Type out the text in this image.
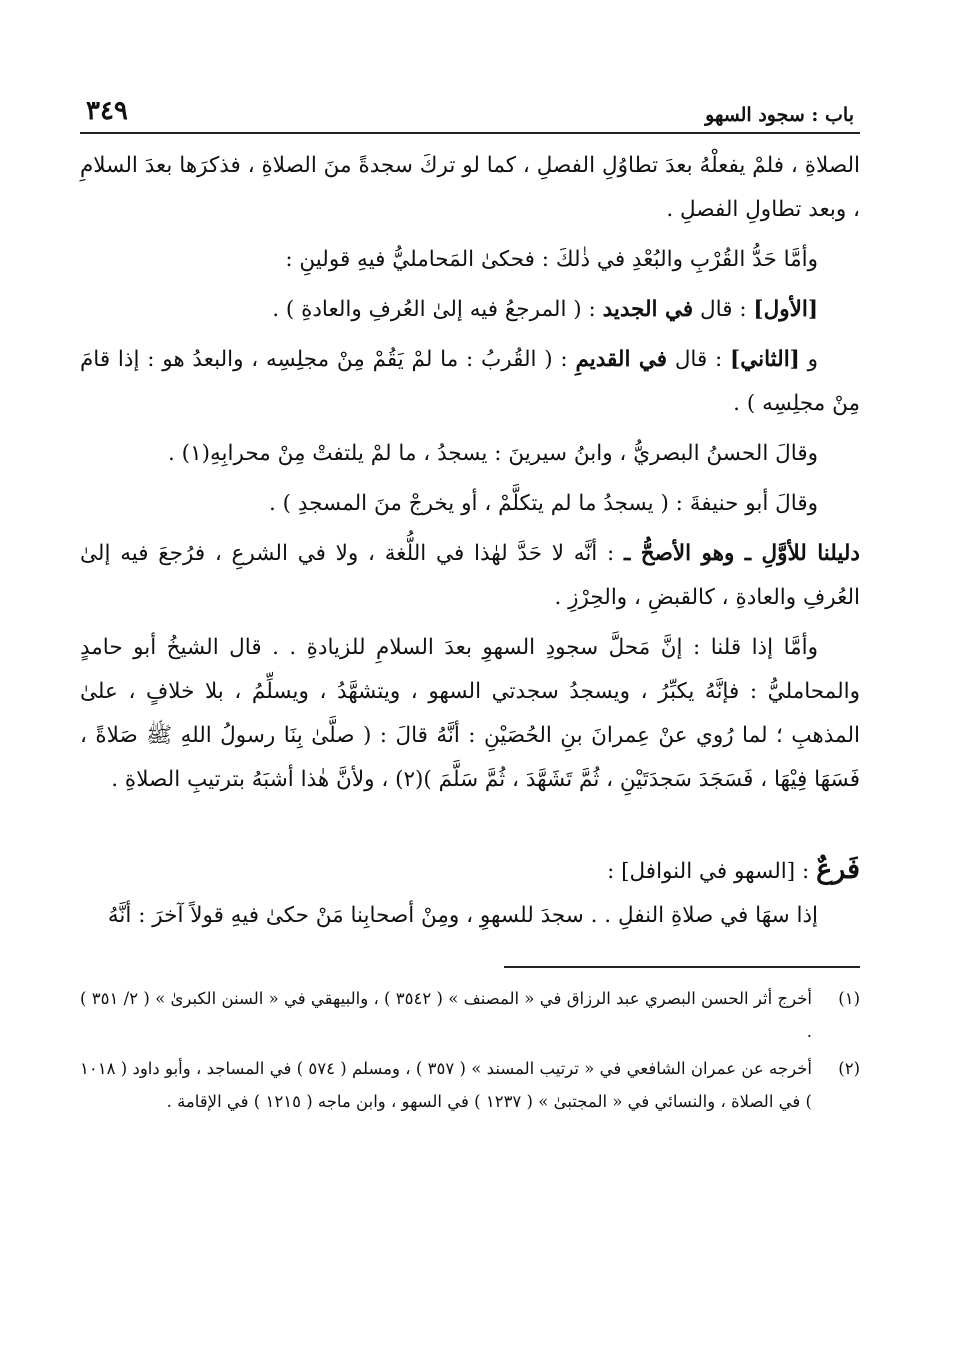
باب : سجود السهو
٣٤٩

الصلاةِ ، فلمْ يفعلْهُ بعدَ تطاوُلِ الفصلِ ، كما لو تركَ سجدةً منَ الصلاةِ ، فذكرَها بعدَ السلامِ ، وبعد تطاولِ الفصلِ .

وأمَّا حَدُّ القُرْبِ والبُعْدِ في ذٰلكَ : فحكىٰ المَحامليُّ فيهِ قولينِ :

[الأول] : قال في الجديد : ( المرجعُ فيه إلىٰ العُرفِ والعادةِ ) .

و [الثاني] : قال في القديمِ : ( القُربُ : ما لمْ يَقُمْ مِنْ مجلِسِه ، والبعدُ هو : إذا قامَ مِنْ مجلِسِه ) .

وقالَ الحسنُ البصريُّ ، وابنُ سيرينَ : يسجدُ ، ما لمْ يلتفتْ مِنْ محرابِهِ(١) .

وقالَ أبو حنيفةَ : ( يسجدُ ما لم يتكلَّمْ ، أو يخرجْ منَ المسجدِ ) .

دليلنا للأوَّلِ ـ وهو الأصحُّ ـ : أنَّه لا حَدَّ لهٰذا في اللُّغة ، ولا في الشرعِ ، فرُجعَ فيه إلىٰ العُرفِ والعادةِ ، كالقبضِ ، والحِرْزِ .

وأمَّا إذا قلنا : إنَّ مَحلَّ سجودِ السهوِ بعدَ السلامِ للزيادةِ . . قال الشيخُ أبو حامدٍ والمحامليُّ : فإنَّهُ يكبِّرُ ، ويسجدُ سجدتي السهو ، ويتشهَّدُ ، ويسلِّمُ ، بلا خلافٍ ، علىٰ المذهبِ ؛ لما رُوي عنْ عِمرانَ بنِ الحُصَيْنِ : أنَّهُ قالَ : ( صلَّىٰ بِنَا رسولُ اللهِ ﷺ صَلاةً ، فَسَهَا فِيْهَا ، فَسَجَدَ سَجدَتَيْنِ ، ثُمَّ تَشَهَّدَ ، ثُمَّ سَلَّمَ )(٢) ، ولأنَّ هٰذا أشبَهُ بترتيبِ الصلاةِ .

فَرعٌ : [السهو في النوافل] :

إذا سهَا في صلاةِ النفلِ . . سجدَ للسهوِ ، ومِنْ أصحابِنا مَنْ حكىٰ فيهِ قولاً آخرَ : أنَّهُ

(١)
أخرج أثر الحسن البصري عبد الرزاق في « المصنف » ( ٣٥٤٢ ) ، والبيهقي في « السنن الكبرىٰ » ( ٢/ ٣٥١ ) .
(٢)
أخرجه عن عمران الشافعي في « ترتيب المسند » ( ٣٥٧ ) ، ومسلم ( ٥٧٤ ) في المساجد ، وأبو داود ( ١٠١٨ ) في الصلاة ، والنسائي في « المجتبىٰ » ( ١٢٣٧ ) في السهو ، وابن ماجه ( ١٢١٥ ) في الإقامة .
